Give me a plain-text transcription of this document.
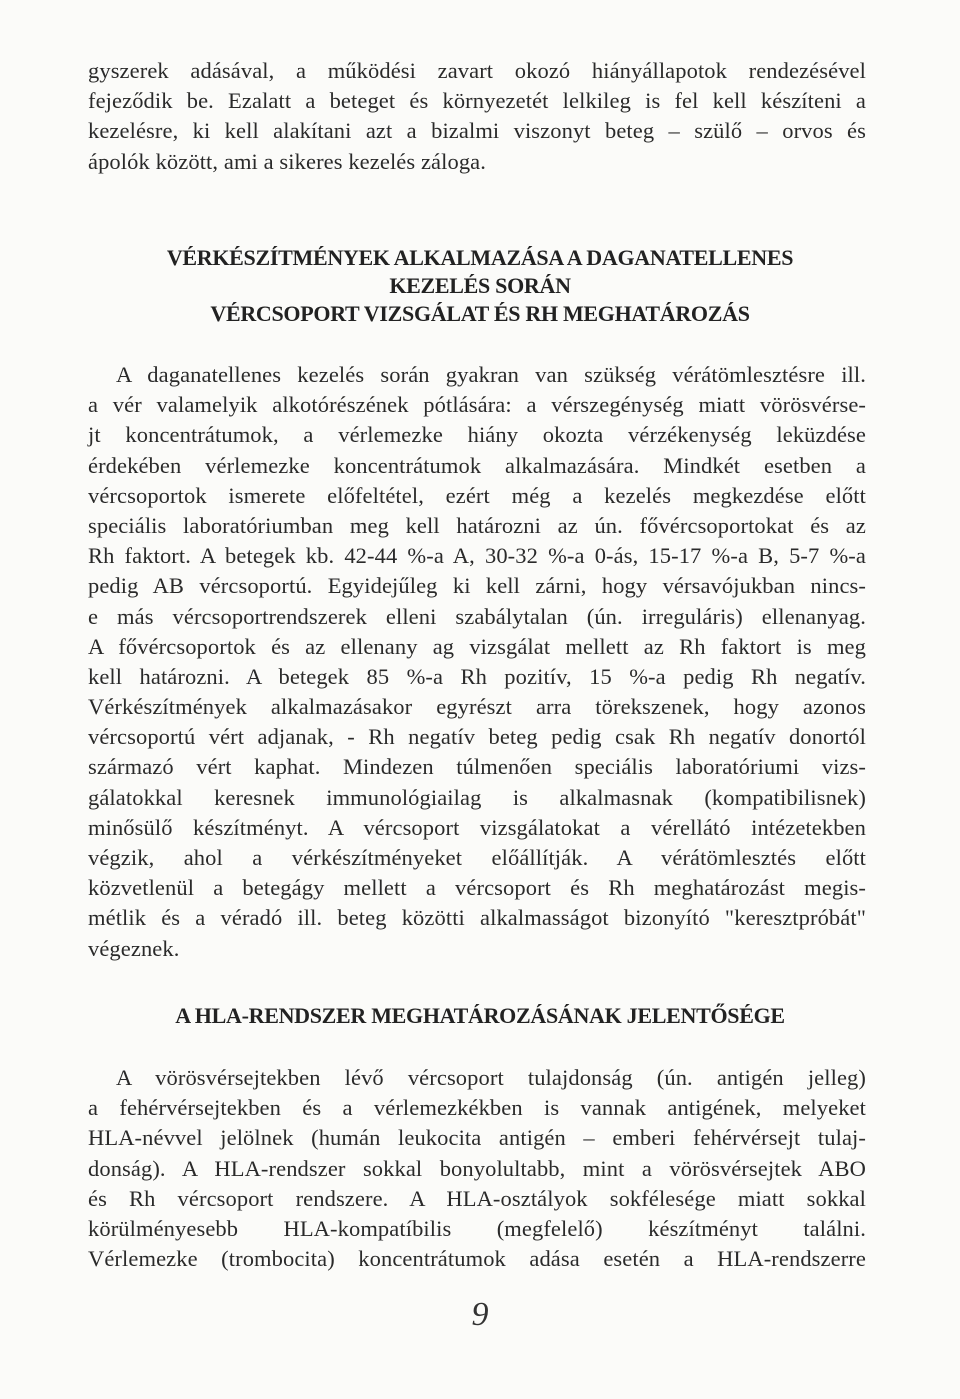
gyszerek adásával, a működési zavart okozó hiányállapotok rendezésével
fejeződik be. Ezalatt a beteget és környezetét lelkileg is fel kell készíteni a
kezelésre, ki kell alakítani azt a bizalmi viszonyt beteg – szülő – orvos és
ápolók között, ami a sikeres kezelés záloga.
VÉRKÉSZÍTMÉNYEK ALKALMAZÁSA A DAGANATELLENES
KEZELÉS SORÁN
VÉRCSOPORT VIZSGÁLAT ÉS RH MEGHATÁROZÁS
A daganatellenes kezelés során gyakran van szükség vérátömlesztésre ill.
a vér valamelyik alkotórészének pótlására: a vérszegénység miatt vörösvérse-
jt koncentrátumok, a vérlemezke hiány okozta vérzékenység leküzdése
érdekében vérlemezke koncentrátumok alkalmazására. Mindkét esetben a
vércsoportok ismerete előfeltétel, ezért még a kezelés megkezdése előtt
speciális laboratóriumban meg kell határozni az ún. fővércsoportokat és az
Rh faktort. A betegek kb. 42-44 %-a A, 30-32 %-a 0-ás, 15-17 %-a B, 5-7 %-a
pedig AB vércsoportú. Egyidejűleg ki kell zárni, hogy vérsavójukban nincs-
e más vércsoportrendszerek elleni szabálytalan (ún. irreguláris) ellenanyag.
A fővércsoportok és az ellenany ag vizsgálat mellett az Rh faktort is meg
kell határozni. A betegek 85 %-a Rh pozitív, 15 %-a pedig Rh negatív.
Vérkészítmények alkalmazásakor egyrészt arra törekszenek, hogy azonos
vércsoportú vért adjanak, - Rh negatív beteg pedig csak Rh negatív donortól
származó vért kaphat. Mindezen túlmenően speciális laboratóriumi vizs-
gálatokkal keresnek immunológiailag is alkalmasnak (kompatibilisnek)
minősülő készítményt. A vércsoport vizsgálatokat a vérellátó intézetekben
végzik, ahol a vérkészítményeket előállítják. A vérátömlesztés előtt
közvetlenül a betegágy mellett a vércsoport és Rh meghatározást megis-
métlik és a véradó ill. beteg közötti alkalmasságot bizonyító "keresztpróbát"
végeznek.
A HLA-RENDSZER MEGHATÁROZÁSÁNAK JELENTŐSÉGE
A vörösvérsejtekben lévő vércsoport tulajdonság (ún. antigén jelleg)
a fehérvérsejtekben és a vérlemezkékben is vannak antigének, melyeket
HLA-névvel jelölnek (humán leukocita antigén – emberi fehérvérsejt tulaj-
donság). A HLA-rendszer sokkal bonyolultabb, mint a vörösvérsejtek ABO
és Rh vércsoport rendszere. A HLA-osztályok sokfélesége miatt sokkal
körülményesebb HLA-kompatíbilis (megfelelő) készítményt találni.
Vérlemezke (trombocita) koncentrátumok adása esetén a HLA-rendszerre
9
